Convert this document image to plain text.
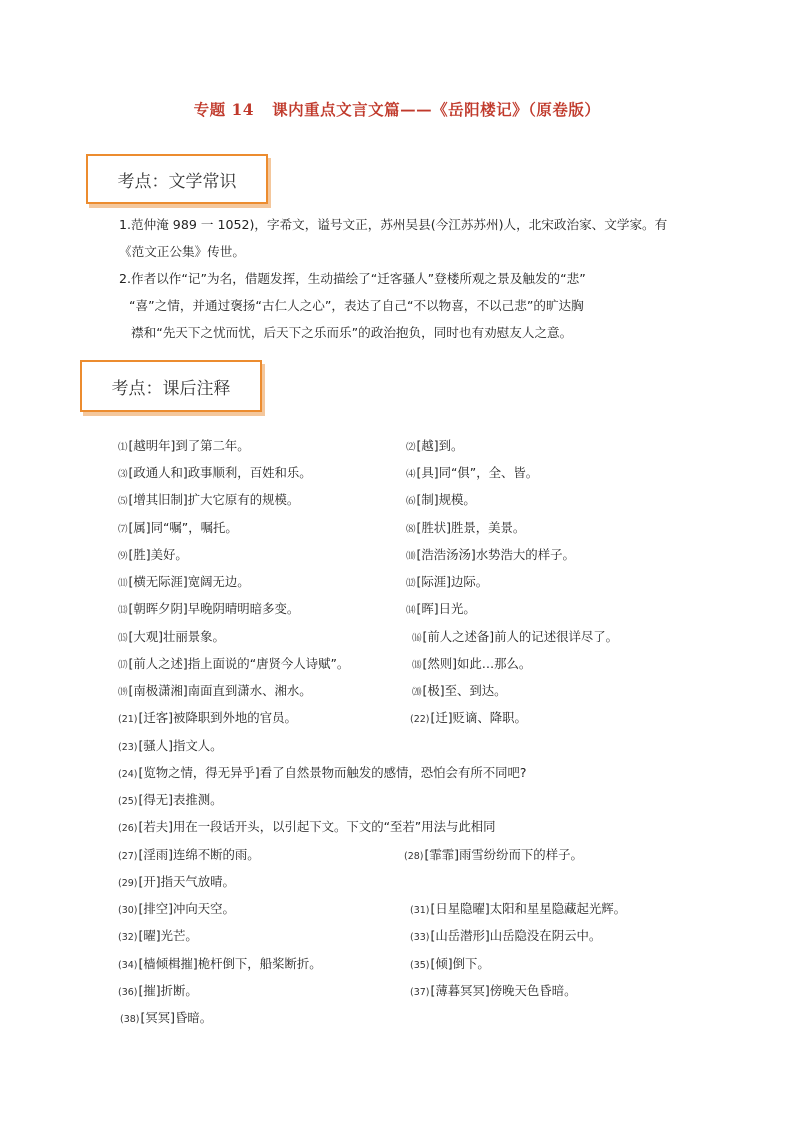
专题 14 课内重点文言文篇——《岳阳楼记》（原卷版）
考点：文学常识
1.范仲淹 989 一 1052)，字希文，谥号文正，苏州吴县(今江苏苏州)人，北宋政治家、文学家。有《范文正公集》传世。
2.作者以作“记”为名，借题发挥，生动描绘了“迁客骚人”登楼所观之景及触发的“悲”
“喜”之情，并通过褒扬“古仁人之心”，表达了自己“不以物喜，不以己悲”的旷达胸
襟和“先天下之忧而忧，后天下之乐而乐”的政治抱负，同时也有劝慰友人之意。
考点：课后注释
⑴[越明年]到了第二年。	⑵[越]到。
⑶[政通人和]政事顺利，百姓和乐。	⑷[具]同“俱”，全、皆。
⑸[增其旧制]扩大它原有的规模。	⑹[制]规模。
⑺[属]同“嘱”，嘱托。	⑻[胜状]胜景，美景。
⑼[胜]美好。	⑽[浩浩汤汤]水势浩大的样子。
⑾[横无际涯]宽阔无边。	⑿[际涯]边际。
⒀[朝晖夕阴]早晚阴晴明暗多变。	⒁[晖]日光。
⒂[大观]壮丽景象。	⒃[前人之述备]前人的记述很详尽了。
⒄[前人之述]指上面说的“唐贤今人诗赋”。	⒅[然则]如此…那么。
⒆[南极潇湘]南面直到潇水、湘水。	⒇[极]至、到达。
(21)[迁客]被降职到外地的官员。	(22)[迁]贬谪、降职。
(23)[骚人]指文人。
(24)[览物之情，得无异乎]看了自然景物而触发的感情，恐怕会有所不同吧?
(25)[得无]表推测。
(26)[若夫]用在一段话开头，以引起下文。下文的“至若”用法与此相同
(27)[淫雨]连绵不断的雨。	(28)[霏霏]雨雪纷纷而下的样子。
(29)[开]指天气放晴。
(30)[排空]冲向天空。	(31)[日星隐曜]太阳和星星隐藏起光辉。
(32)[曜]光芒。	(33)[山岳潜形]山岳隐没在阴云中。
(34)[樯倾楫摧]桅杆倒下，船桨断折。	(35)[倾]倒下。
(36)[摧]折断。	(37)[薄暮冥冥]傍晚天色昏暗。
(38)[冥冥]昏暗。
